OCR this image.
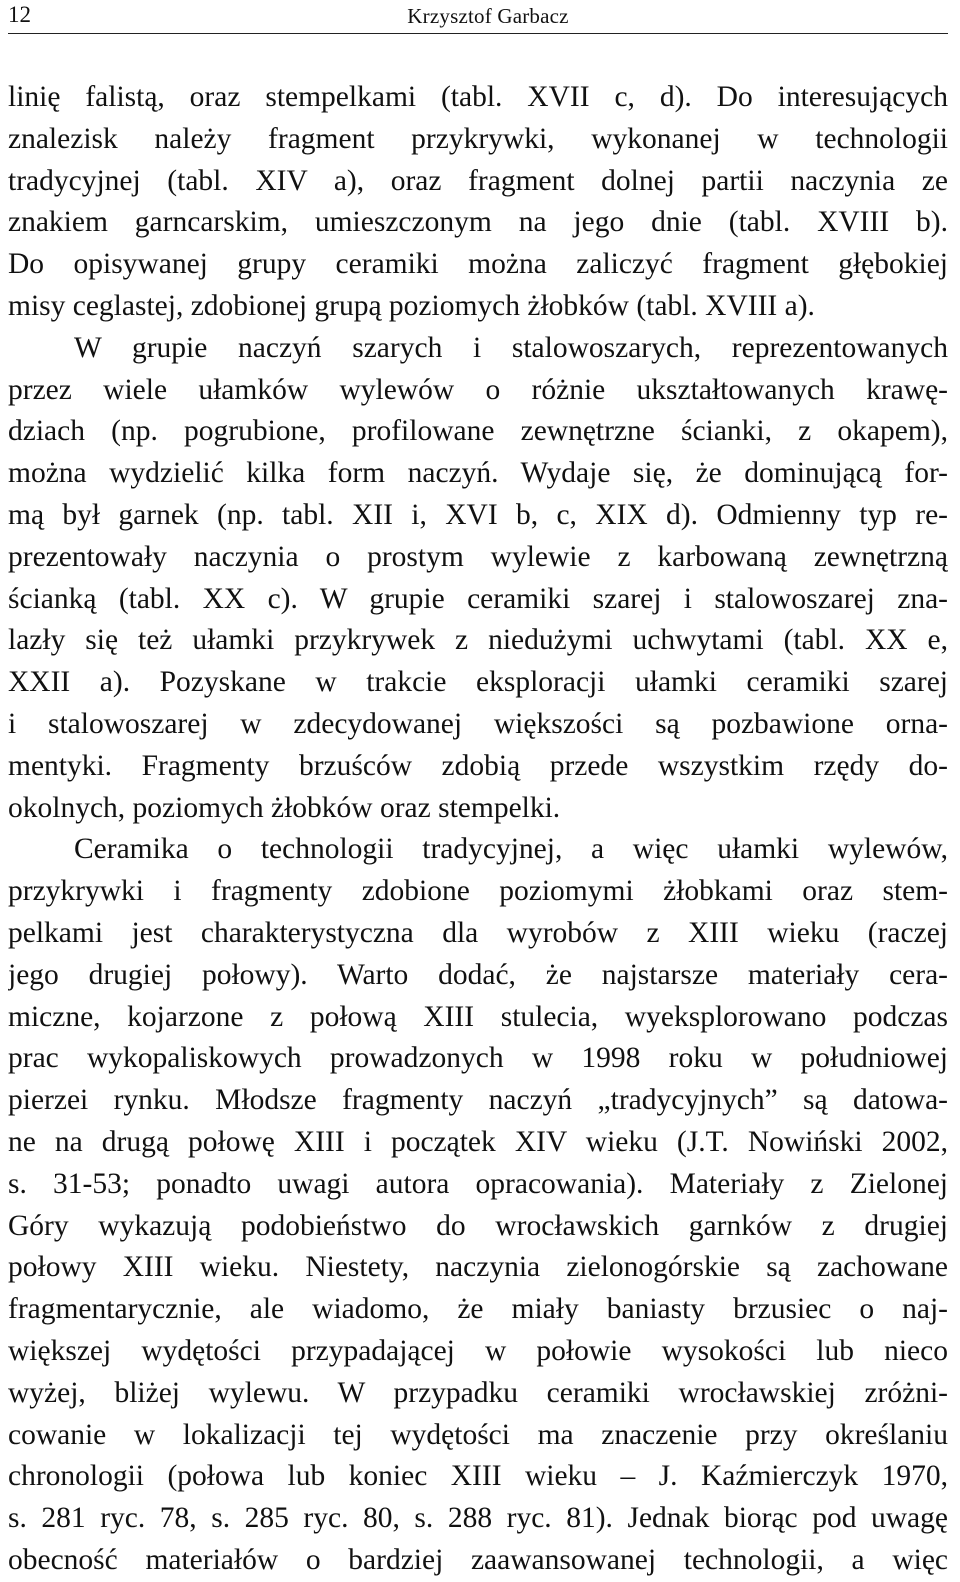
12	Krzysztof Garbacz
linię falistą, oraz stempelkami (tabl. XVII c, d). Do interesujących
znalezisk należy fragment przykrywki, wykonanej w technologii
tradycyjnej (tabl. XIV a), oraz fragment dolnej partii naczynia ze
znakiem garncarskim, umieszczonym na jego dnie (tabl. XVIII b).
Do opisywanej grupy ceramiki można zaliczyć fragment głębokiej
misy ceglastej, zdobionej grupą poziomych żłobków (tabl. XVIII a).
W grupie naczyń szarych i stalowoszarych, reprezentowanych
przez wiele ułamków wylewów o różnie ukształtowanych krawę-
dziach (np. pogrubione, profilowane zewnętrzne ścianki, z okapem),
można wydzielić kilka form naczyń. Wydaje się, że dominującą for-
mą był garnek (np. tabl. XII i, XVI b, c, XIX d). Odmienny typ re-
prezentowały naczynia o prostym wylewie z karbowaną zewnętrzną
ścianką (tabl. XX c). W grupie ceramiki szarej i stalowoszarej zna-
lazły się też ułamki przykrywek z niedużymi uchwytami (tabl. XX e,
XXII a). Pozyskane w trakcie eksploracji ułamki ceramiki szarej
i stalowoszarej w zdecydowanej większości są pozbawione orna-
mentyki. Fragmenty brzuśców zdobią przede wszystkim rzędy do-
okolnych, poziomych żłobków oraz stempelki.
Ceramika o technologii tradycyjnej, a więc ułamki wylewów,
przykrywki i fragmenty zdobione poziomymi żłobkami oraz stem-
pelkami jest charakterystyczna dla wyrobów z XIII wieku (raczej
jego drugiej połowy). Warto dodać, że najstarsze materiały cera-
miczne, kojarzone z połową XIII stulecia, wyeksplorowano podczas
prac wykopaliskowych prowadzonych w 1998 roku w południowej
pierzei rynku. Młodsze fragmenty naczyń „tradycyjnych” są datowa-
ne na drugą połowę XIII i początek XIV wieku (J.T. Nowiński 2002,
s. 31-53; ponadto uwagi autora opracowania). Materiały z Zielonej
Góry wykazują podobieństwo do wrocławskich garnków z drugiej
połowy XIII wieku. Niestety, naczynia zielonogórskie są zachowane
fragmentarycznie, ale wiadomo, że miały baniasty brzusiec o naj-
większej wydętości przypadającej w połowie wysokości lub nieco
wyżej, bliżej wylewu. W przypadku ceramiki wrocławskiej zróżni-
cowanie w lokalizacji tej wydętości ma znaczenie przy określaniu
chronologii (połowa lub koniec XIII wieku – J. Kaźmierczyk 1970,
s. 281 ryc. 78, s. 285 ryc. 80, s. 288 ryc. 81). Jednak biorąc pod uwagę
obecność materiałów o bardziej zaawansowanej technologii, a więc
